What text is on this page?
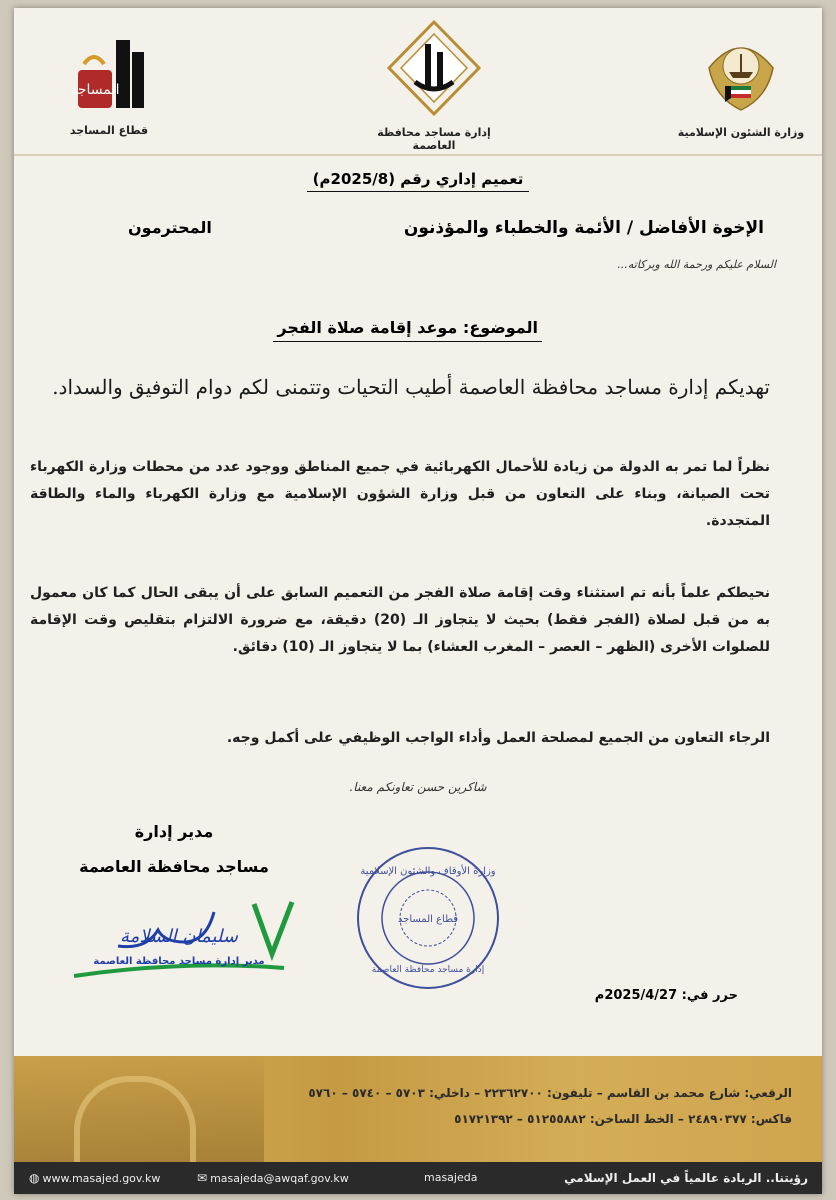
المساجد
قطاع المساجد	إدارة مساجد محافظة العاصمة
وزارة الشئون الإسلامية
تعميم إداري رقم (2025/8م)
الإخوة الأفاضل / الأئمة والخطباء والمؤذنون
المحترمون
السلام عليكم ورحمة الله وبركاته...
الموضوع: موعد إقامة صلاة الفجر
تهديكم إدارة مساجد محافظة العاصمة أطيب التحيات وتتمنى لكم دوام التوفيق والسداد.
نظراً لما تمر به الدولة من زيادة للأحمال الكهربائية في جميع المناطق ووجود عدد من محطات وزارة الكهرباء تحت الصيانة، وبناء على التعاون من قبل وزارة الشؤون الإسلامية مع وزارة الكهرباء والماء والطاقة المتجددة.
نحيطكم علماً بأنه تم استثناء وقت إقامة صلاة الفجر من التعميم السابق على أن يبقى الحال كما كان معمول به من قبل لصلاة (الفجر فقط) بحيث لا يتجاوز الـ (20) دقيقة، مع ضرورة الالتزام بتقليص وقت الإقامة للصلوات الأخرى (الظهر – العصر – المغرب العشاء) بما لا يتجاوز الـ (10) دقائق.
الرجاء التعاون من الجميع لمصلحة العمل وأداء الواجب الوظيفي على أكمل وجه.
شاكرين حسن تعاونكم معنا.
مدير إدارة
مساجد محافظة العاصمة
سليمان السلامة
مدير إدارة مساجد محافظة العاصمة
وزارة الأوقاف والشئون الإسلامية
قطاع المساجد
إدارة مساجد محافظة العاصمة
حرر في: 2025/4/27م
الرقعي: شارع محمد بن القاسم – تليفون: ٢٢٣٦٢٧٠٠ – داخلي: ٥٧٠٣ – ٥٧٤٠ – ٥٧٦٠
فاكس: ٢٤٨٩٠٣٧٧ – الخط الساخن: ٥١٢٥٥٨٨٢ – ٥١٧٢١٣٩٢
◍ www.masajed.gov.kw	✉ masajeda@awqaf.gov.kw	masajeda	رؤيتنا.. الريادة عالمياً في العمل الإسلامي
